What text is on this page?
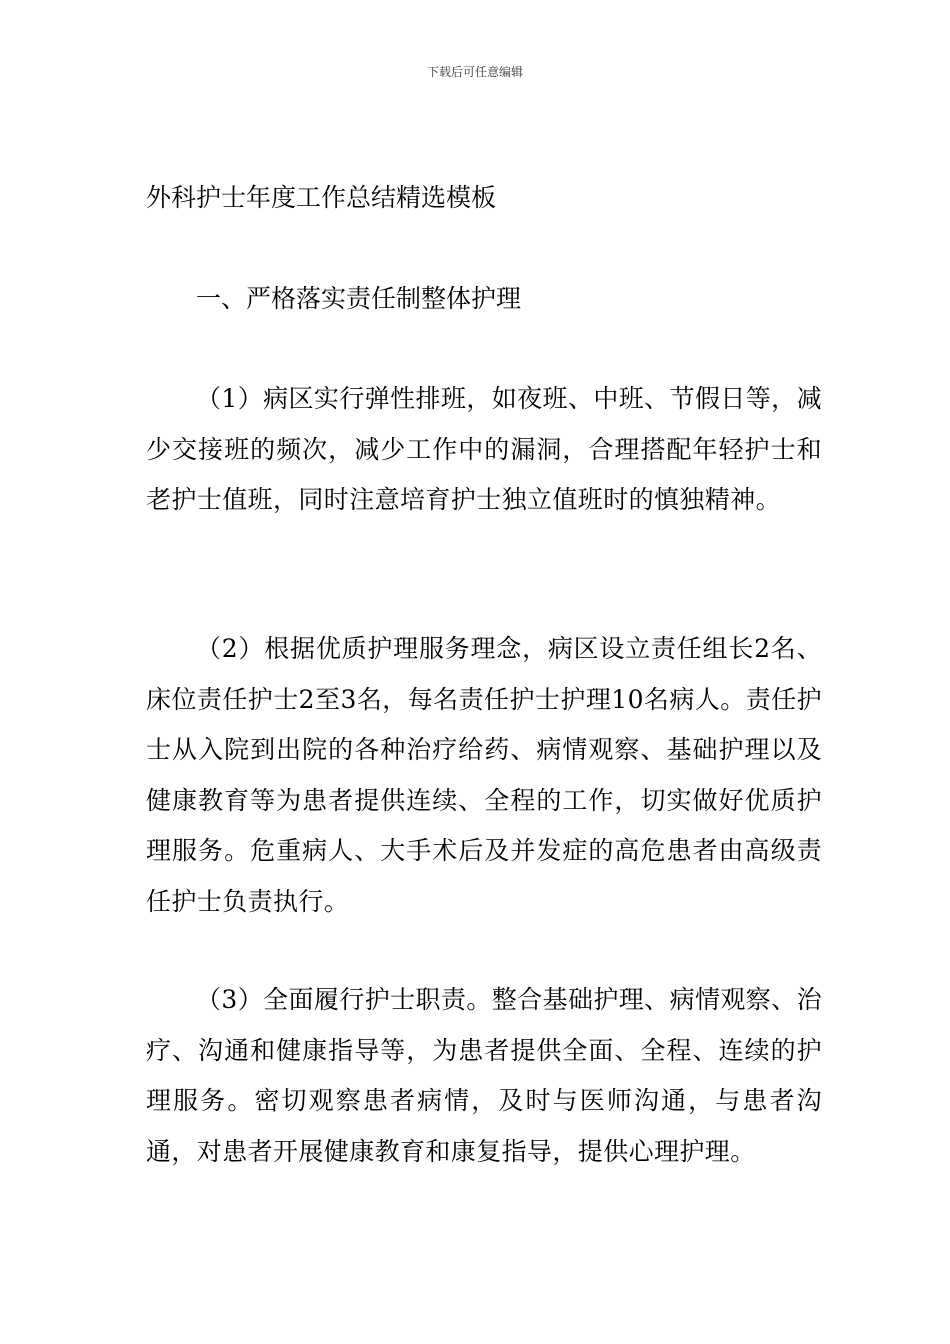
下载后可任意编辑
外科护士年度工作总结精选模板
一、严格落实责任制整体护理

（1）病区实行弹性排班，如夜班、中班、节假日等，减少交接班的频次，减少工作中的漏洞，合理搭配年轻护士和老护士值班，同时注意培育护士独立值班时的慎独精神。

（2）根据优质护理服务理念，病区设立责任组长2名、床位责任护士2至3名，每名责任护士护理10名病人。责任护士从入院到出院的各种治疗给药、病情观察、基础护理以及健康教育等为患者提供连续、全程的工作，切实做好优质护理服务。危重病人、大手术后及并发症的高危患者由高级责任护士负责执行。

（3）全面履行护士职责。整合基础护理、病情观察、治疗、沟通和健康指导等，为患者提供全面、全程、连续的护理服务。密切观察患者病情，及时与医师沟通，与患者沟通，对患者开展健康教育和康复指导，提供心理护理。
